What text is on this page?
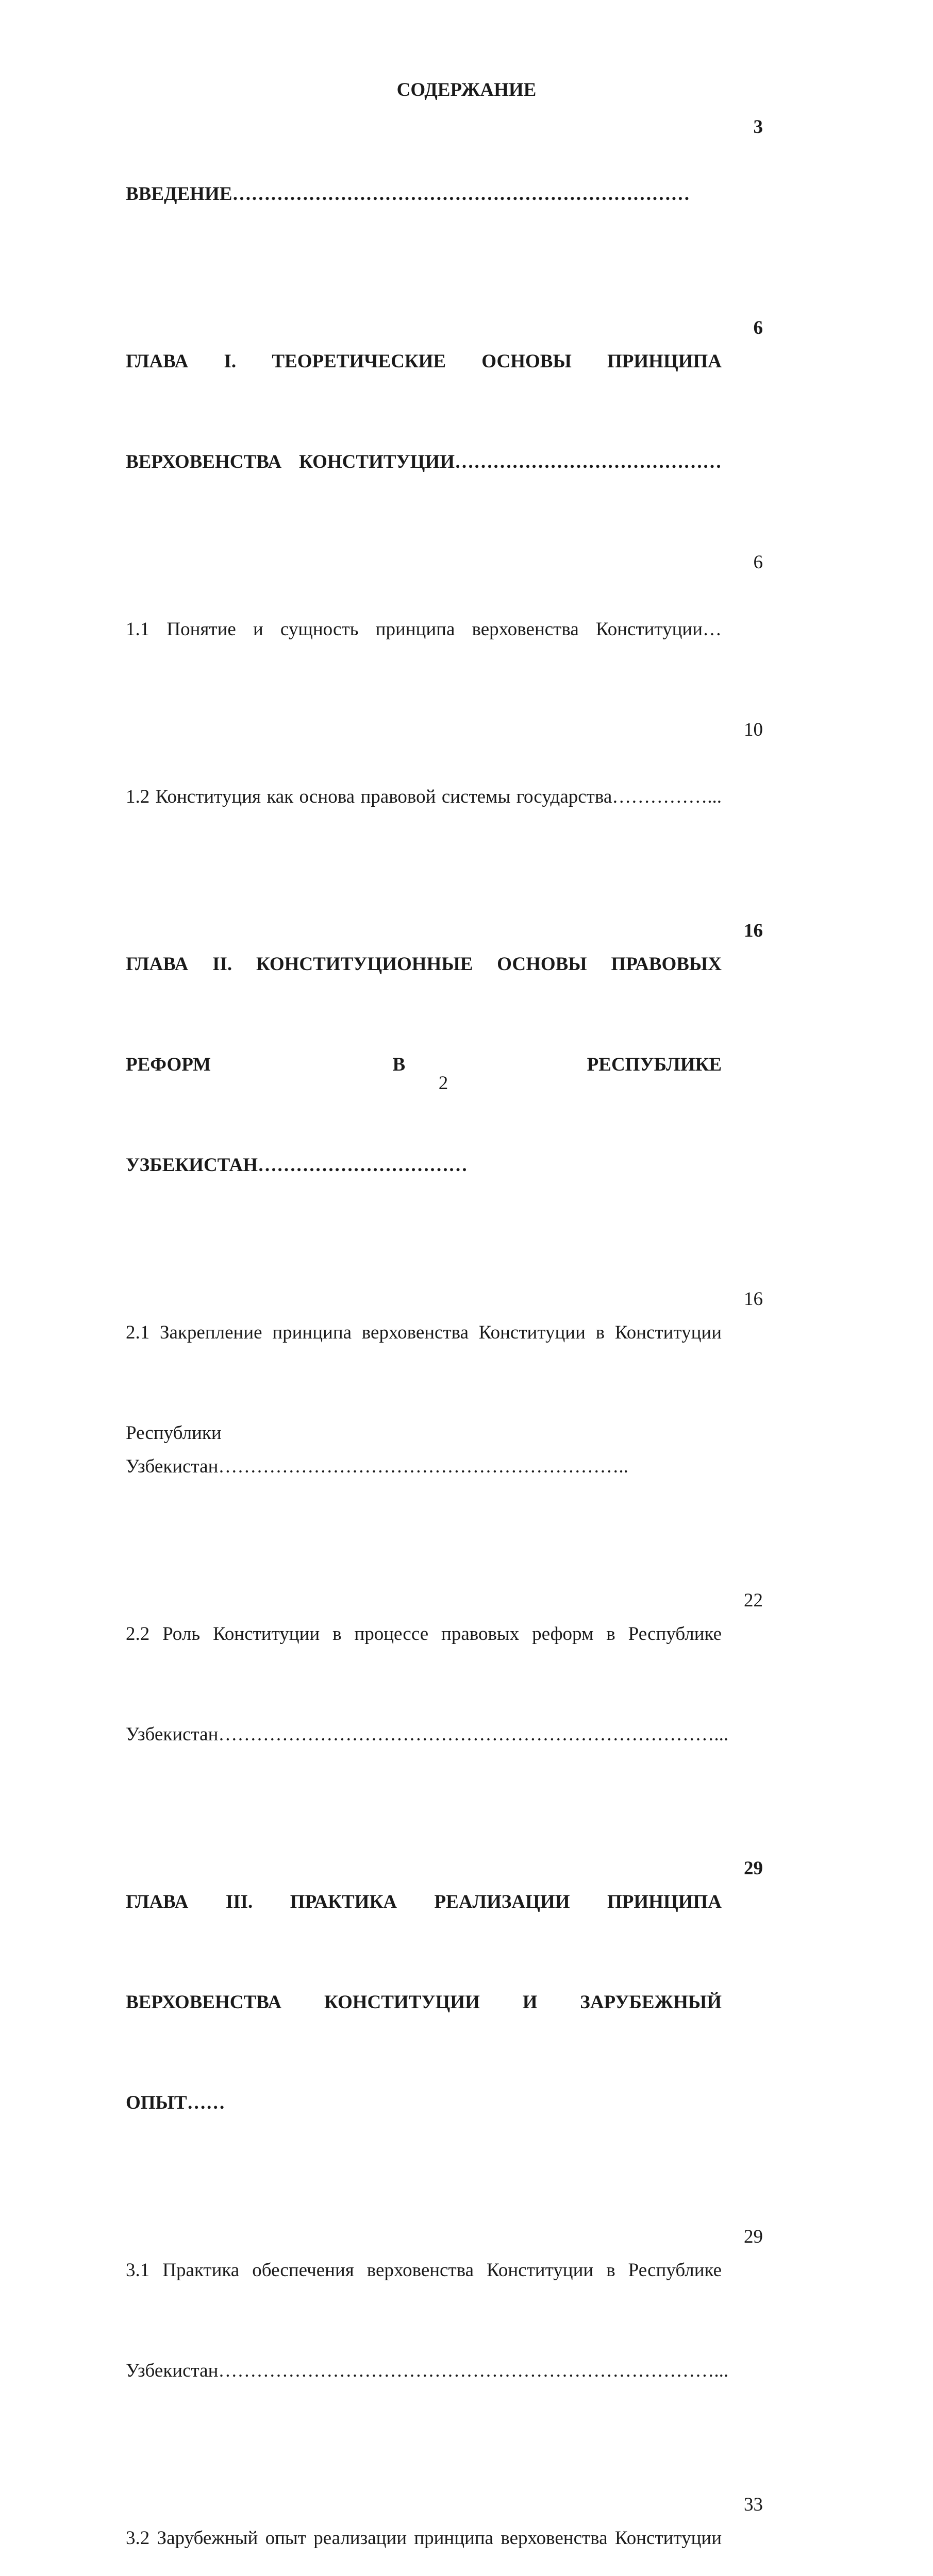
СОДЕРЖАНИЕ

ВВЕДЕНИЕ………………………………………………………………

3

ГЛАВА I. ТЕОРЕТИЧЕСКИЕ ОСНОВЫ ПРИНЦИПА

ВЕРХОВЕНСТВА КОНСТИТУЦИИ……………………………………

6

1.1 Понятие и сущность принципа верховенства Конституции…

6

1.2 Конституция как основа правовой системы государства……………...

10

ГЛАВА II. КОНСТИТУЦИОННЫЕ ОСНОВЫ ПРАВОВЫХ

РЕФОРМ В РЕСПУБЛИКЕ

УЗБЕКИСТАН……………………………

16

2.1 Закрепление принципа верховенства Конституции в Конституции

Республики Узбекистан………………………………………………………..

16

2.2 Роль Конституции в процессе правовых реформ в Республике

Узбекистан……………………………………………………………………...

22

ГЛАВА III. ПРАКТИКА РЕАЛИЗАЦИИ ПРИНЦИПА

ВЕРХОВЕНСТВА КОНСТИТУЦИИ И ЗАРУБЕЖНЫЙ

ОПЫТ……

29

3.1 Практика обеспечения верховенства Конституции в Республике

Узбекистан……………………………………………………………………...

29

3.2 Зарубежный опыт реализации принципа верховенства Конституции

33

2
